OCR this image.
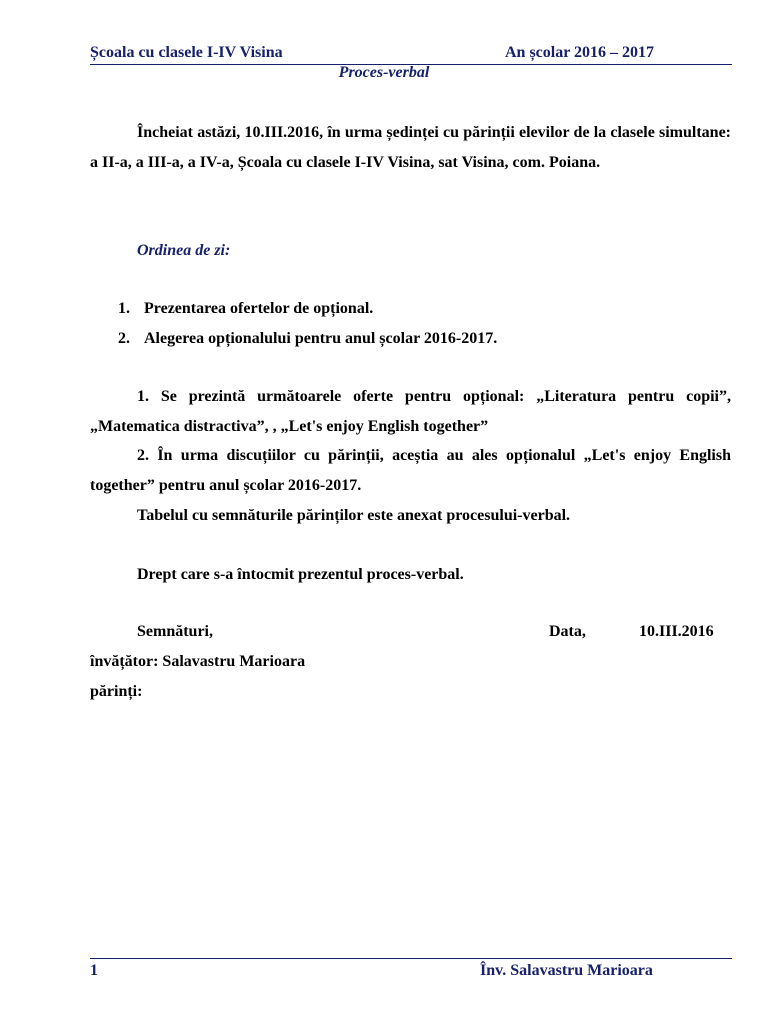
Școala cu clasele I-IV Visina	An școlar 2016 – 2017
Proces-verbal
Încheiat astăzi, 10.III.2016, în urma ședinței cu părinții elevilor de la clasele simultane: a II-a, a III-a, a IV-a, Școala cu clasele I-IV Visina, sat Visina, com. Poiana.
Ordinea de zi:
1. Prezentarea ofertelor de opțional.
2. Alegerea opționalului pentru anul școlar 2016-2017.
1. Se prezintă următoarele oferte pentru opțional: „Literatura pentru copii”, „Matematica distractiva”, , „Let's enjoy English together”
2. În urma discuțiilor cu părinții, aceștia au ales opționalul „Let's enjoy English together” pentru anul școlar 2016-2017.
Tabelul cu semnăturile părinților este anexat procesului-verbal.
Drept care s-a întocmit prezentul proces-verbal.
Semnături,	Data,	10.III.2016
învățător: Salavastru Marioara
părinți:
1	Înv. Salavastru Marioara
